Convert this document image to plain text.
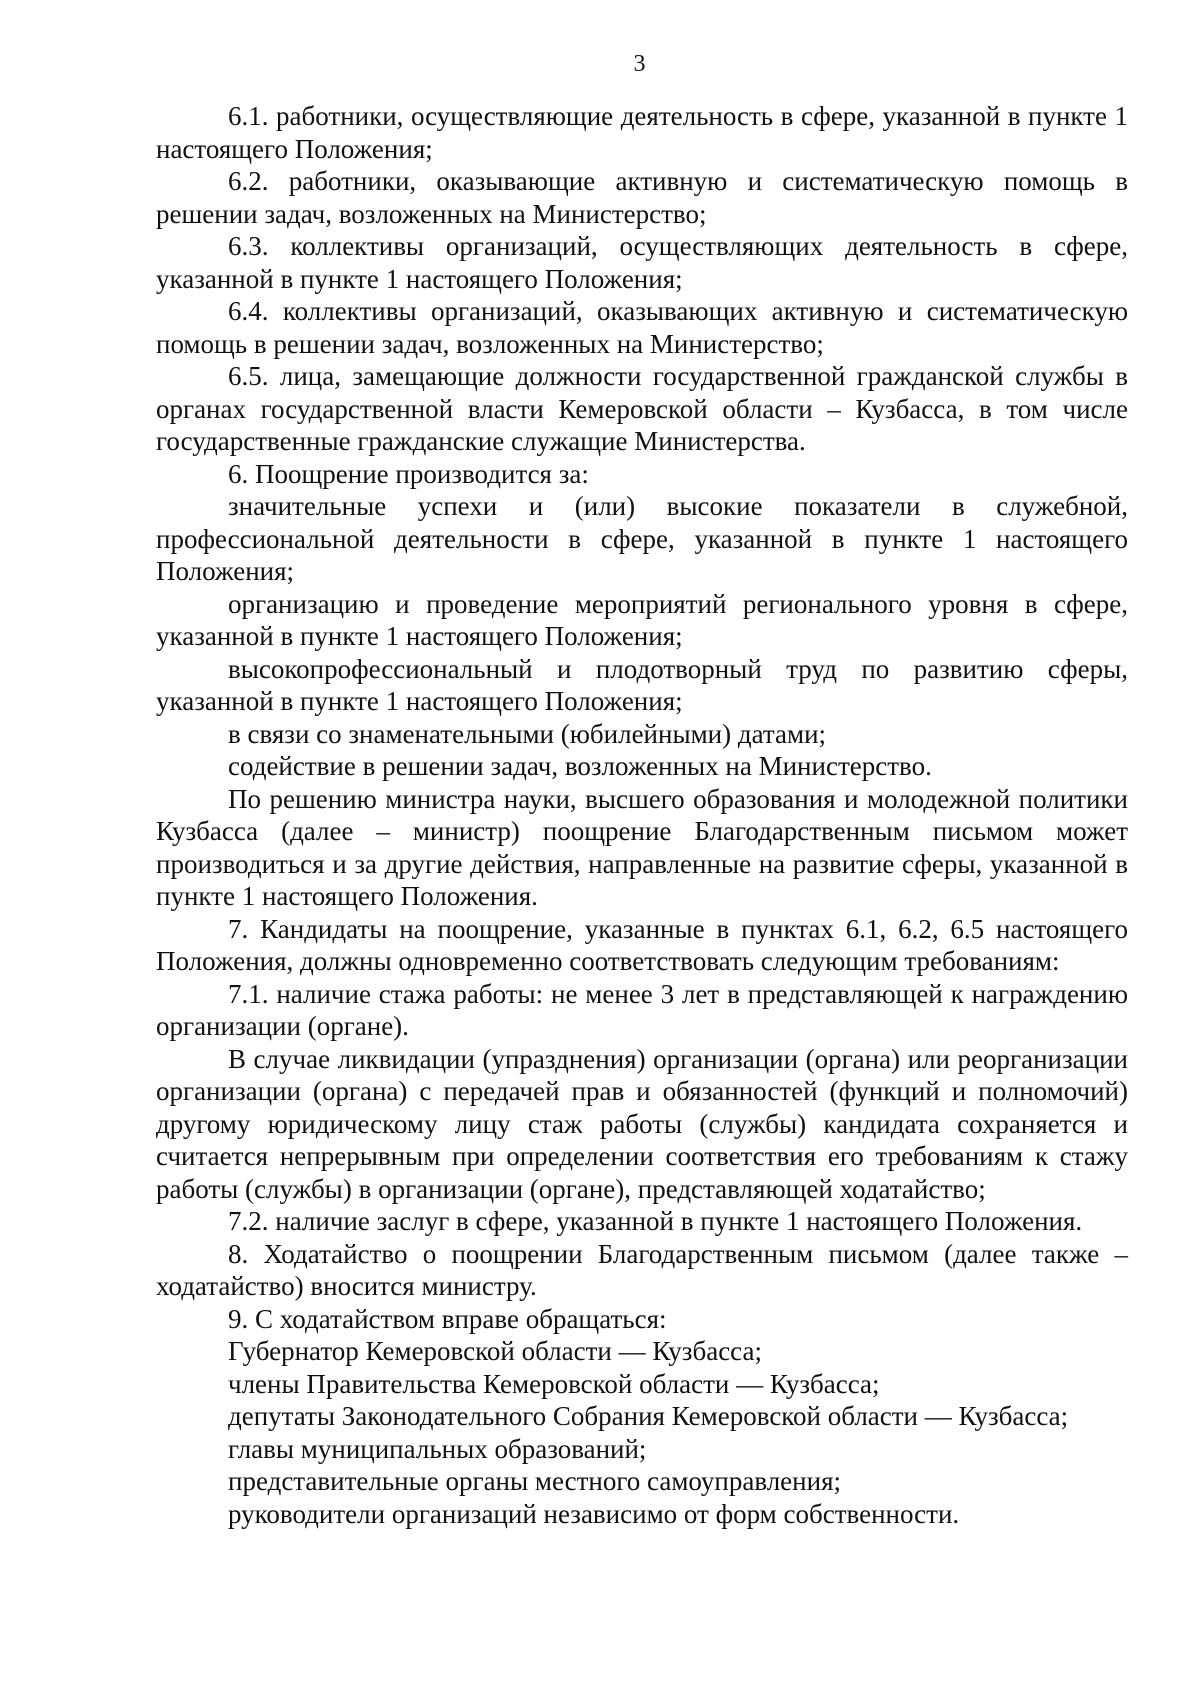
3

6.1. работники, осуществляющие деятельность в сфере, указанной в пункте 1 настоящего Положения;

6.2. работники, оказывающие активную и систематическую помощь в решении задач, возложенных на Министерство;

6.3. коллективы организаций, осуществляющих деятельность в сфере, указанной в пункте 1 настоящего Положения;

6.4. коллективы организаций, оказывающих активную и систематическую помощь в решении задач, возложенных на Министерство;

6.5. лица, замещающие должности государственной гражданской службы в органах государственной власти Кемеровской области – Кузбасса, в том числе государственные гражданские служащие Министерства.

6. Поощрение производится за:

значительные успехи и (или) высокие показатели в служебной, профессиональной деятельности в сфере, указанной в пункте 1 настоящего Положения;

организацию и проведение мероприятий регионального уровня в сфере, указанной в пункте 1 настоящего Положения;

высокопрофессиональный и плодотворный труд по развитию сферы, указанной в пункте 1 настоящего Положения;

в связи со знаменательными (юбилейными) датами;

содействие в решении задач, возложенных на Министерство.

По решению министра науки, высшего образования и молодежной политики Кузбасса (далее – министр) поощрение Благодарственным письмом может производиться и за другие действия, направленные на развитие сферы, указанной в пункте 1 настоящего Положения.

7. Кандидаты на поощрение, указанные в пунктах 6.1, 6.2, 6.5 настоящего Положения, должны одновременно соответствовать следующим требованиям:

7.1. наличие стажа работы: не менее 3 лет в представляющей к награждению организации (органе).

В случае ликвидации (упразднения) организации (органа) или реорганизации организации (органа) с передачей прав и обязанностей (функций и полномочий) другому юридическому лицу стаж работы (службы) кандидата сохраняется и считается непрерывным при определении соответствия его требованиям к стажу работы (службы) в организации (органе), представляющей ходатайство;

7.2. наличие заслуг в сфере, указанной в пункте 1 настоящего Положения.

8. Ходатайство о поощрении Благодарственным письмом (далее также – ходатайство) вносится министру.

9. С ходатайством вправе обращаться:

Губернатор Кемеровской области — Кузбасса;

члены Правительства Кемеровской области — Кузбасса;

депутаты Законодательного Собрания Кемеровской области — Кузбасса;

главы муниципальных образований;

представительные органы местного самоуправления;

руководители организаций независимо от форм собственности.
